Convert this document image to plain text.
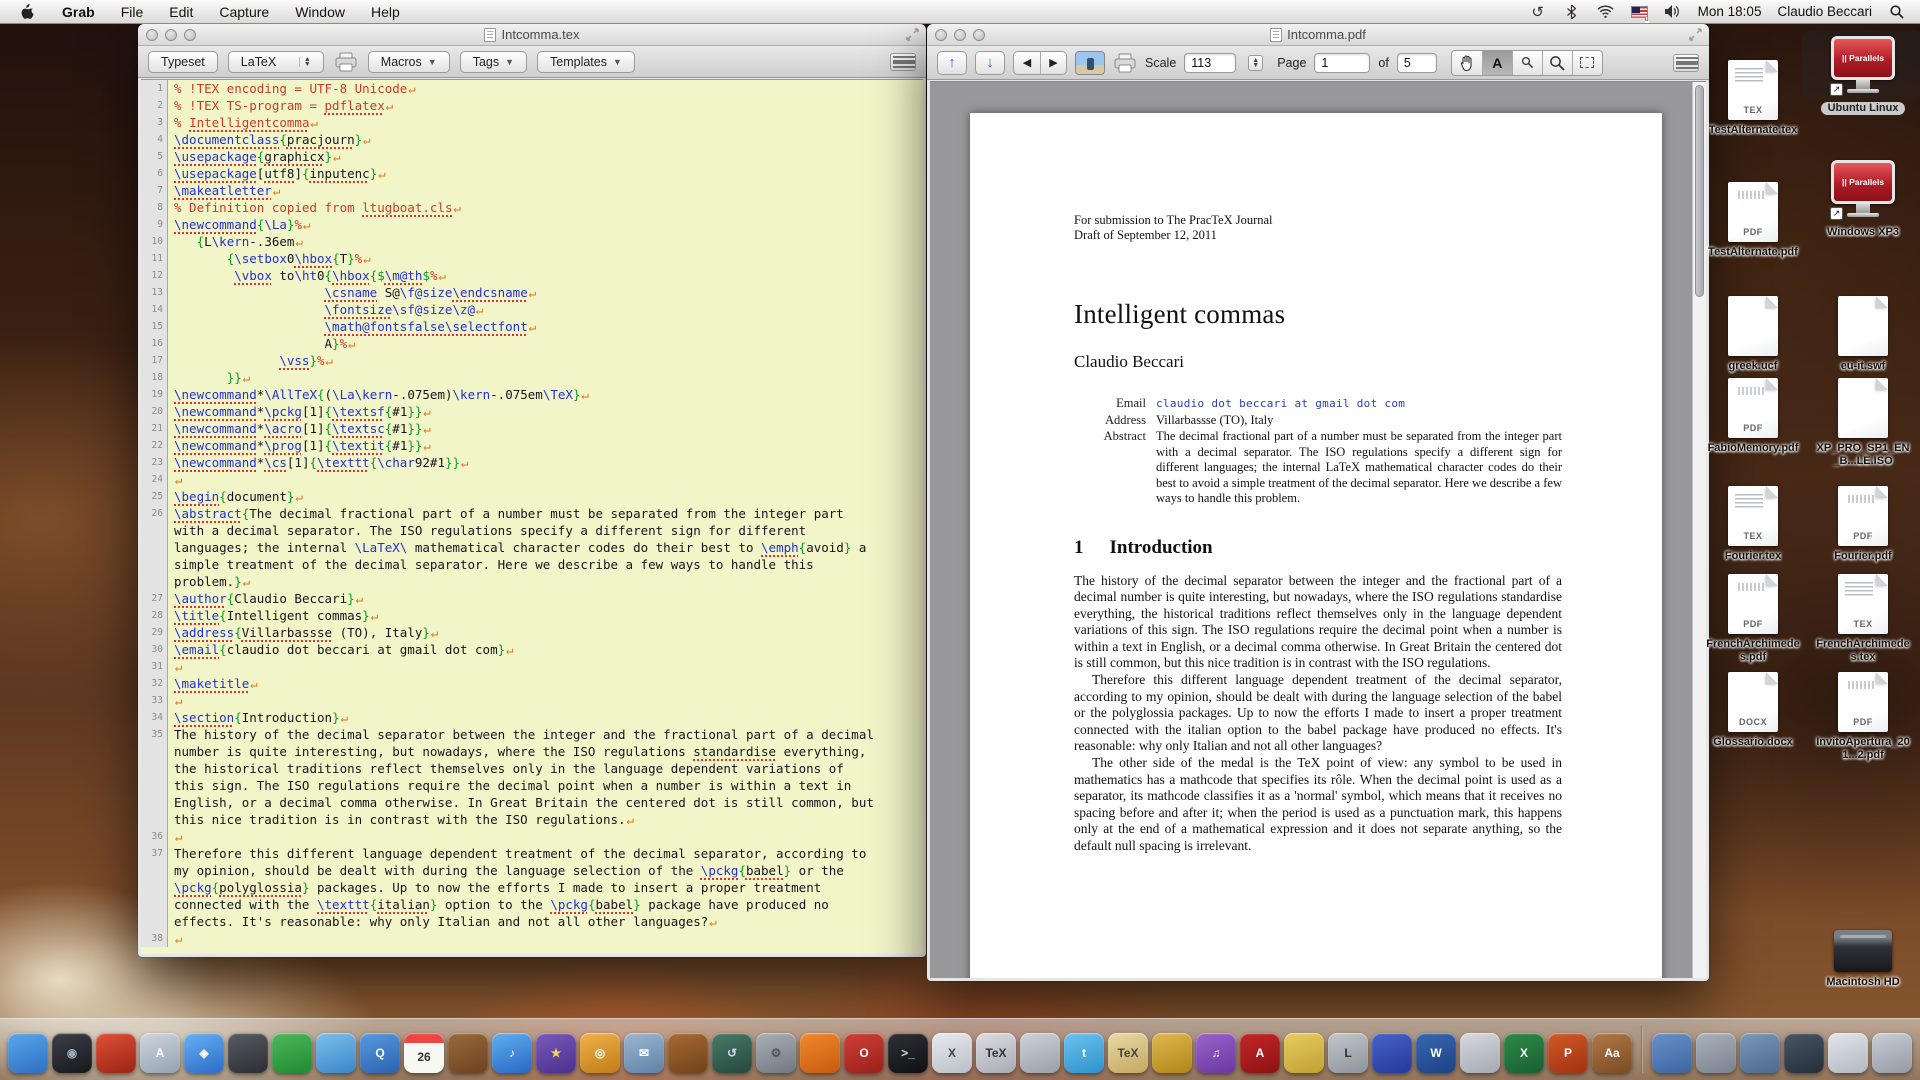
Grab File Edit Capture Window Help	↺ u	Mon 18:05 Claudio Beccari
TEX
TestAlternate.tex
PDF
TestAlternate.pdf
greek.ucf
PDF
FabioMemory.pdf
TEX
Fourier.tex
PDF
FrenchArchimedes.pdf
DOCX
Glossario.docx
|| Parallels
↗
Ubuntu Linux
|| Parallels
↗
Windows XP3
eu-it.swf
XP_PRO_SP1_EN_B...LE.ISO
PDF
Fourier.pdf
TEX
FrenchArchimedes.tex
PDF
InvitoApertura_201...2.pdf
Macintosh HD
Intcomma.tex
Typeset	LaTeX	▲
▼	Macros ▼	Tags ▼	Templates ▼
1 % !TEX encoding = UTF-8 Unicode↵
2 % !TEX TS-program = pdflatex↵
3 % Intelligentcomma↵
4 \documentclass{pracjourn}↵
5 \usepackage{graphicx}↵
6 \usepackage[utf8]{inputenc}↵
7 \makeatletter↵
8 % Definition copied from ltugboat.cls↵
9 \newcommand{\La}%↵
10	{L\kern-.36em↵
11	{\setbox0\hbox{T}%↵
12	\vbox to\ht0{\hbox{$\m@th$%↵
13	\csname S@\f@size\endcsname↵
14	\fontsize\sf@size\z@↵
15	\math@fontsfalse\selectfont↵
16	A}%↵
17	\vss}%↵
18	}}↵
19 \newcommand*\AllTeX{(\La\kern-.075em)\kern-.075em\TeX}↵
20 \newcommand*\pckg[1]{\textsf{#1}}↵
21 \newcommand*\acro[1]{\textsc{#1}}↵
22 \newcommand*\prog[1]{\textit{#1}}↵
23 \newcommand*\cs[1]{\texttt{\char92#1}}↵
24 ↵
25 \begin{document}↵
26 \abstract{The decimal fractional part of a number must be separated from the integer part
with a decimal separator. The ISO regulations specify a different sign for different
languages; the internal \LaTeX\ mathematical character codes do their best to \emph{avoid} a
simple treatment of the decimal separator. Here we describe a few ways to handle this
problem.}↵
27 \author{Claudio Beccari}↵
28 \title{Intelligent commas}↵
29 \address{Villarbassse (TO), Italy}↵
30 \email{claudio dot beccari at gmail dot com}↵
31 ↵
32 \maketitle↵
33 ↵
34 \section{Introduction}↵
35 The history of the decimal separator between the integer and the fractional part of a decimal
number is quite interesting, but nowadays, where the ISO regulations standardise everything,
the historical traditions reflect themselves only in the language dependent variations of
this sign. The ISO regulations require the decimal point when a number is within a text in
English, or a decimal comma otherwise. In Great Britain the centered dot is still common, but
this nice tradition is in contrast with the ISO regulations.↵
36 ↵
37 Therefore this different language dependent treatment of the decimal separator, according to
my opinion, should be dealt with during the language selection of the \pckg{babel} or the
\pckg{polyglossia} packages. Up to now the efforts I made to insert a proper treatment
connected with the \texttt{italian} option to the \pckg{babel} package have produced no
effects. It's reasonable: why only Italian and not all other languages?↵
38 ↵
Intcomma.pdf
↑	↓	◀	▶	Scale	113	▲
▼ Page	1	of	5	A
For submission to The PracTeX Journal
Draft of September 12, 2011
Intelligent commas
Claudio Beccari
Email claudio dot beccari at gmail dot com
Address Villarbassse (TO), Italy
Abstract The decimal fractional part of a number must be separated from the integer part with a decimal separator. The ISO regulations specify a different sign for different languages; the internal LaTeX mathematical character codes do their best to avoid a simple treatment of the decimal separator. Here we describe a few ways to handle this problem.
1 Introduction
The history of the decimal separator between the integer and the fractional part of a decimal number is quite interesting, but nowadays, where the ISO regulations standardise everything, the historical traditions reflect themselves only in the language dependent variations of this sign. The ISO regulations require the decimal point when a number is within a text in English, or a decimal comma otherwise. In Great Britain the centered dot is still common, but this nice tradition is in contrast with the ISO regulations.
Therefore this different language dependent treatment of the decimal separator, according to my opinion, should be dealt with during the language selection of the babel or the polyglossia packages. Up to now the efforts I made to insert a proper treatment connected with the italian option to the babel package have produced no effects. It's reasonable: why only Italian and not all other languages?
The other side of the medal is the TeX point of view: any symbol to be used in mathematics has a mathcode that specifies its rôle. When the decimal point is used as a separator, its mathcode classifies it as a 'normal' symbol, which means that it receives no spacing before and after it; when the period is used as a punctuation mark, this happens only at the end of a mathematical expression and it does not separate anything, so the default null spacing is irrelevant.
◉	A	◈	Q	26	♪	★	◎	✉	↺	⚙	O	>_	X TeX	t	TeX	♫	A	L	W	X	P	Aa
